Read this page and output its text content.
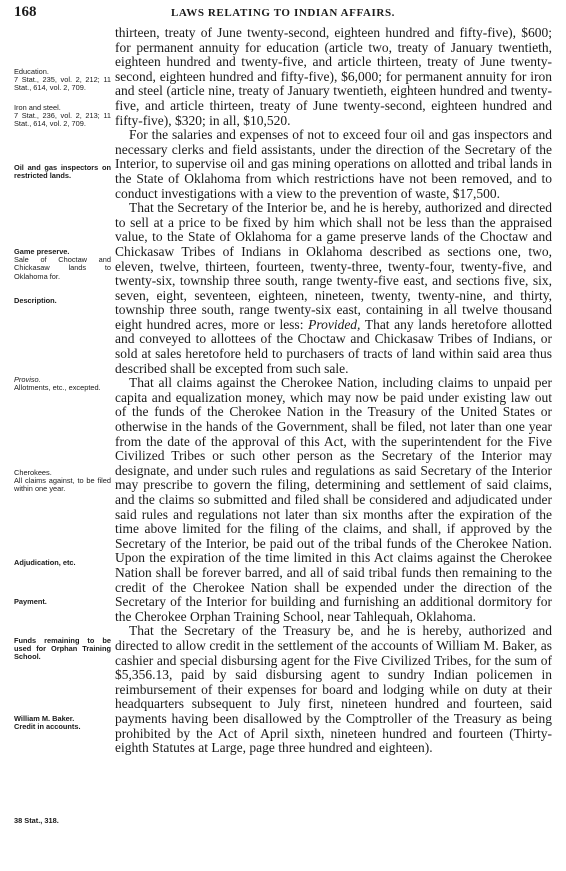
168	LAWS RELATING TO INDIAN AFFAIRS.
Education.
7 Stat., 235, vol. 2, 212; 11 Stat., 614, vol. 2, 709.
Iron and steel.
7 Stat., 236, vol. 2, 213; 11 Stat., 614, vol. 2, 709.
Oil and gas inspectors on restricted lands.
Game preserve.
Sale of Choctaw and Chickasaw lands to Oklahoma for.
Description.
Proviso.
Allotments, etc., excepted.
Cherokees.
All claims against, to be filed within one year.
Adjudication, etc.
Payment.
Funds remaining to be used for Orphan Training School.
William M. Baker.
Credit in accounts.
38 Stat., 318.

thirteen, treaty of June twenty-second, eighteen hundred and fifty-five), $600; for permanent annuity for education (article two, treaty of January twentieth, eighteen hundred and twenty-five, and article thirteen, treaty of June twenty-second, eighteen hundred and fifty-five), $6,000; for permanent annuity for iron and steel (article nine, treaty of January twentieth, eighteen hundred and twenty-five, and article thirteen, treaty of June twenty-second, eighteen hundred and fifty-five), $320; in all, $10,520.

For the salaries and expenses of not to exceed four oil and gas inspectors and necessary clerks and field assistants, under the direction of the Secretary of the Interior, to supervise oil and gas mining operations on allotted and tribal lands in the State of Oklahoma from which restrictions have not been removed, and to conduct investigations with a view to the prevention of waste, $17,500.

That the Secretary of the Interior be, and he is hereby, authorized and directed to sell at a price to be fixed by him which shall not be less than the appraised value, to the State of Oklahoma for a game preserve lands of the Choctaw and Chickasaw Tribes of Indians in Oklahoma described as sections one, two, eleven, twelve, thirteen, fourteen, twenty-three, twenty-four, twenty-five, and twenty-six, township three south, range twenty-five east, and sections five, six, seven, eight, seventeen, eighteen, nineteen, twenty, twenty-nine, and thirty, township three south, range twenty-six east, containing in all twelve thousand eight hundred acres, more or less: Provided, That any lands heretofore allotted and conveyed to allottees of the Choctaw and Chickasaw Tribes of Indians, or sold at sales heretofore held to purchasers of tracts of land within said area thus described shall be excepted from such sale.

That all claims against the Cherokee Nation, including claims to unpaid per capita and equalization money, which may now be paid under existing law out of the funds of the Cherokee Nation in the Treasury of the United States or otherwise in the hands of the Government, shall be filed, not later than one year from the date of the approval of this Act, with the superintendent for the Five Civilized Tribes or such other person as the Secretary of the Interior may designate, and under such rules and regulations as said Secretary of the Interior may prescribe to govern the filing, determining and settlement of said claims, and the claims so submitted and filed shall be considered and adjudicated under said rules and regulations not later than six months after the expiration of the time above limited for the filing of the claims, and shall, if approved by the Secretary of the Interior, be paid out of the tribal funds of the Cherokee Nation. Upon the expiration of the time limited in this Act claims against the Cherokee Nation shall be forever barred, and all of said tribal funds then remaining to the credit of the Cherokee Nation shall be expended under the direction of the Secretary of the Interior for building and furnishing an additional dormitory for the Cherokee Orphan Training School, near Tahlequah, Oklahoma.

That the Secretary of the Treasury be, and he is hereby, authorized and directed to allow credit in the settlement of the accounts of William M. Baker, as cashier and special disbursing agent for the Five Civilized Tribes, for the sum of $5,356.13, paid by said disbursing agent to sundry Indian policemen in reimbursement of their expenses for board and lodging while on duty at their headquarters subsequent to July first, nineteen hundred and fourteen, said payments having been disallowed by the Comptroller of the Treasury as being prohibited by the Act of April sixth, nineteen hundred and fourteen (Thirty-eighth Statutes at Large, page three hundred and eighteen).
